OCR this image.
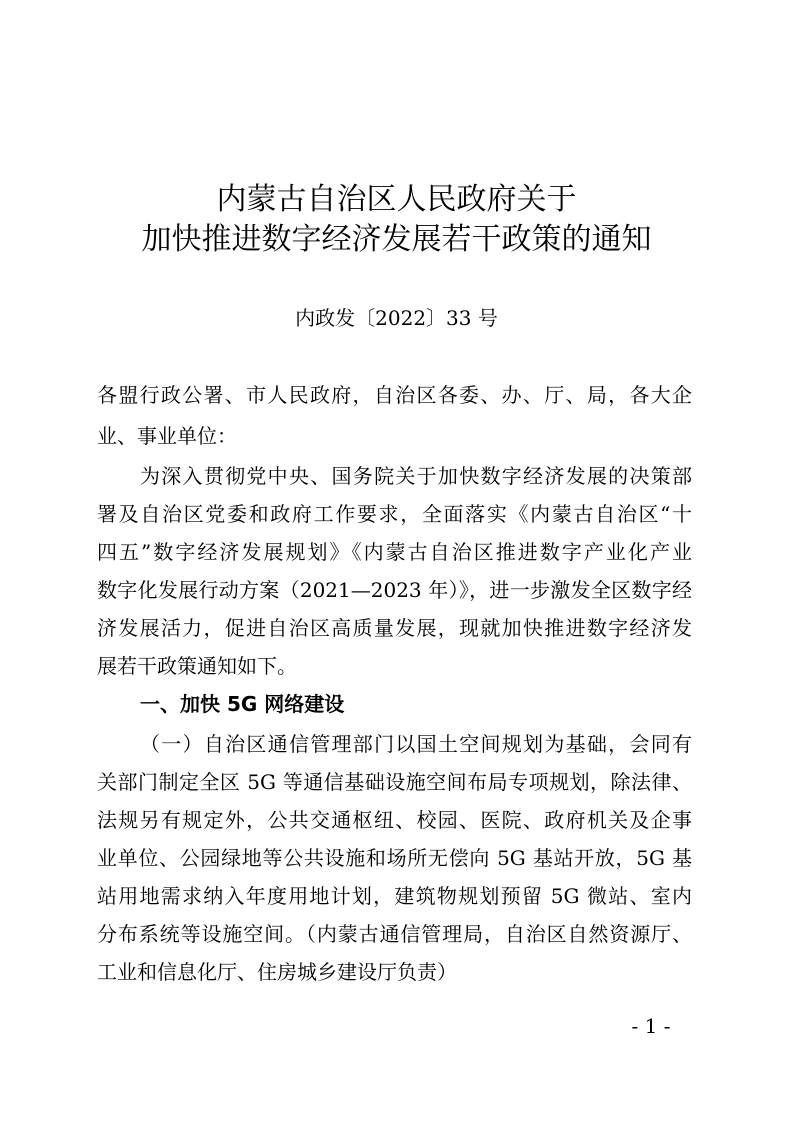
内蒙古自治区人民政府关于
加快推进数字经济发展若干政策的通知
内政发〔2022〕33 号
各盟行政公署、市人民政府，自治区各委、办、厅、局，各大企
业、事业单位：
为深入贯彻党中央、国务院关于加快数字经济发展的决策部
署及自治区党委和政府工作要求，全面落实《内蒙古自治区“十
四五”数字经济发展规划》《内蒙古自治区推进数字产业化产业
数字化发展行动方案（2021—2023 年）》，进一步激发全区数字经
济发展活力，促进自治区高质量发展，现就加快推进数字经济发
展若干政策通知如下。
一、加快 5G 网络建设
（一）自治区通信管理部门以国土空间规划为基础，会同有
关部门制定全区 5G 等通信基础设施空间布局专项规划，除法律、
法规另有规定外，公共交通枢纽、校园、医院、政府机关及企事
业单位、公园绿地等公共设施和场所无偿向 5G 基站开放，5G 基
站用地需求纳入年度用地计划，建筑物规划预留 5G 微站、室内
分布系统等设施空间。（内蒙古通信管理局，自治区自然资源厅、
工业和信息化厅、住房城乡建设厅负责）
- 1 -
